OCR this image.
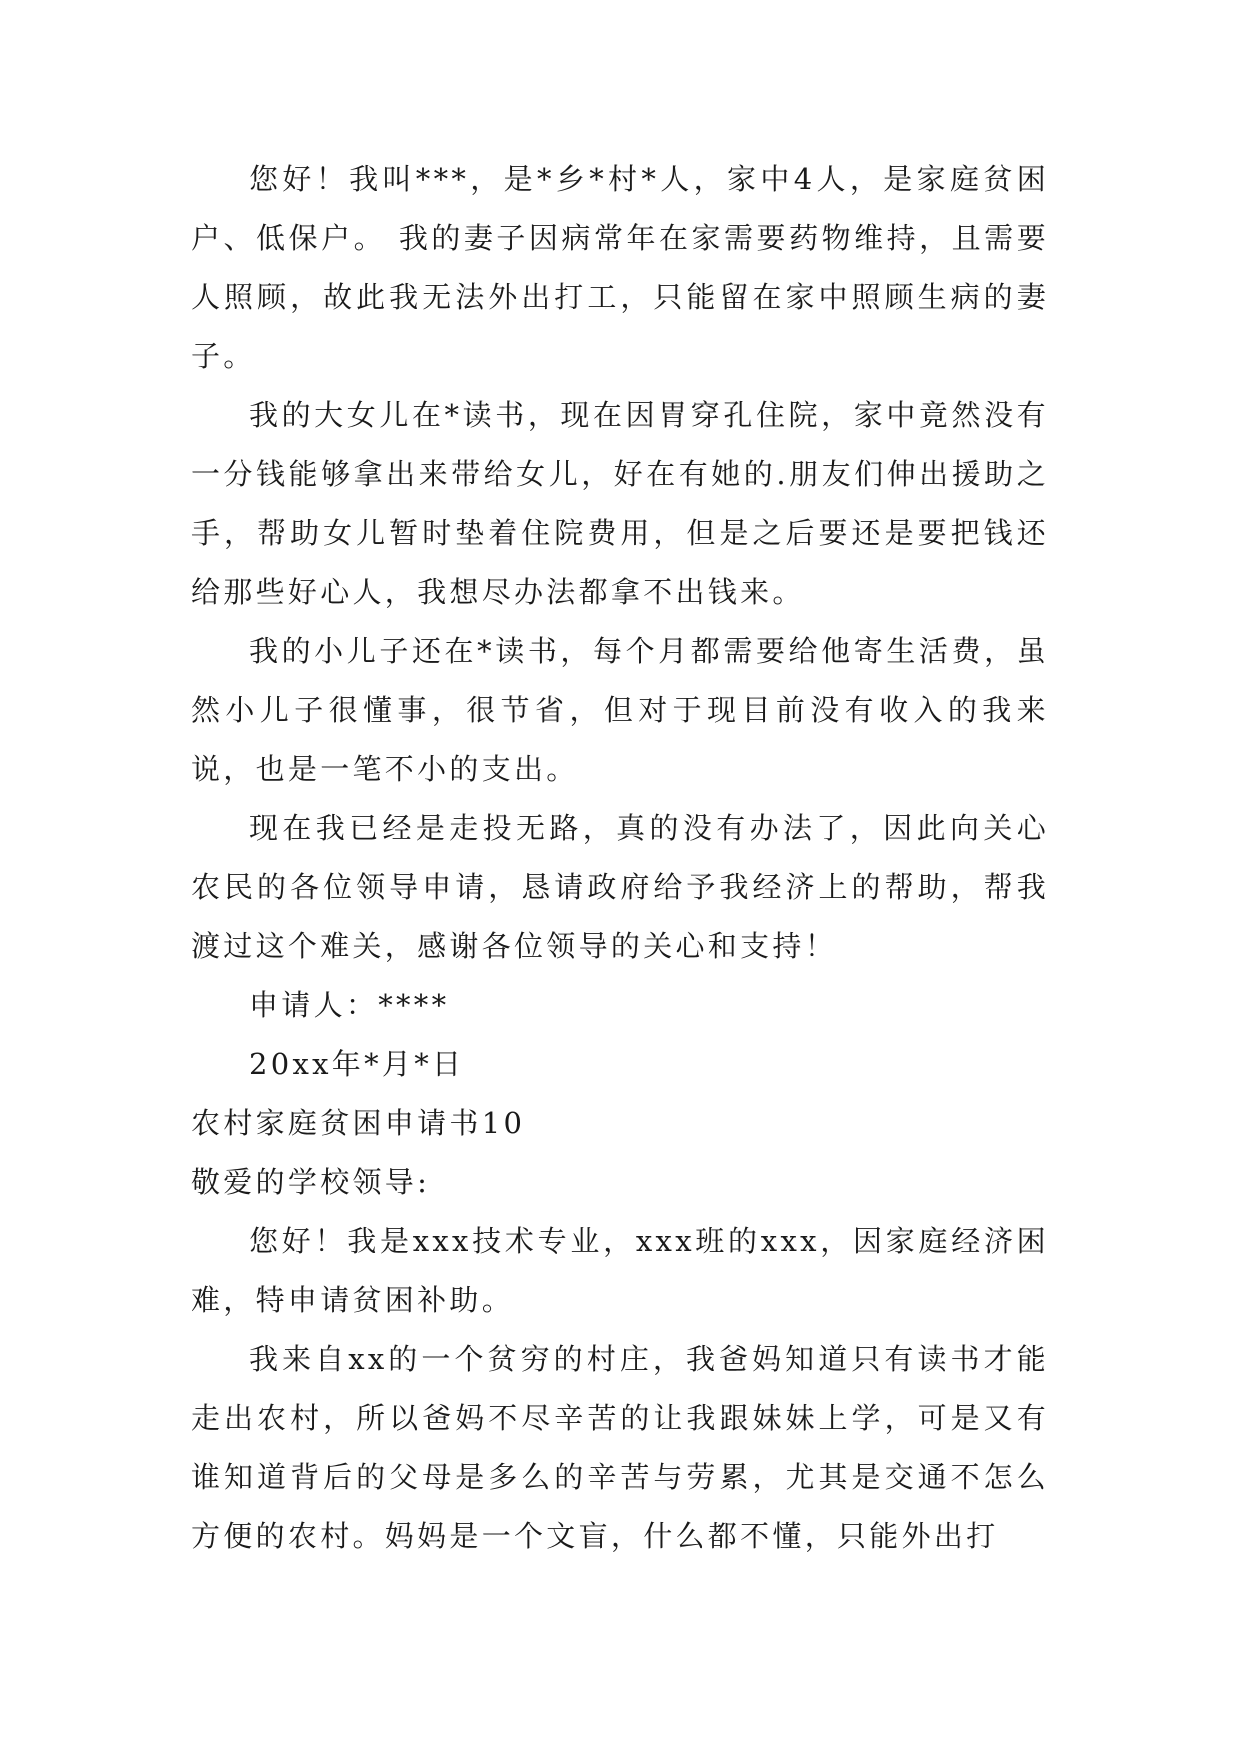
您好！我叫***，是*乡*村*人，家中4人，是家庭贫困户、低保户。 我的妻子因病常年在家需要药物维持，且需要人照顾，故此我无法外出打工，只能留在家中照顾生病的妻子。

我的大女儿在*读书，现在因胃穿孔住院，家中竟然没有一分钱能够拿出来带给女儿，好在有她的.朋友们伸出援助之手，帮助女儿暂时垫着住院费用，但是之后要还是要把钱还给那些好心人，我想尽办法都拿不出钱来。

我的小儿子还在*读书，每个月都需要给他寄生活费，虽然小儿子很懂事，很节省，但对于现目前没有收入的我来说，也是一笔不小的支出。

现在我已经是走投无路，真的没有办法了，因此向关心农民的各位领导申请，恳请政府给予我经济上的帮助，帮我渡过这个难关，感谢各位领导的关心和支持！

申请人：****

20xx年*月*日

农村家庭贫困申请书10

敬爱的学校领导:

您好！我是xxx技术专业，xxx班的xxx，因家庭经济困难，特申请贫困补助。

我来自xx的一个贫穷的村庄，我爸妈知道只有读书才能走出农村，所以爸妈不尽辛苦的让我跟妹妹上学，可是又有谁知道背后的父母是多么的辛苦与劳累，尤其是交通不怎么方便的农村。妈妈是一个文盲，什么都不懂，只能外出打
